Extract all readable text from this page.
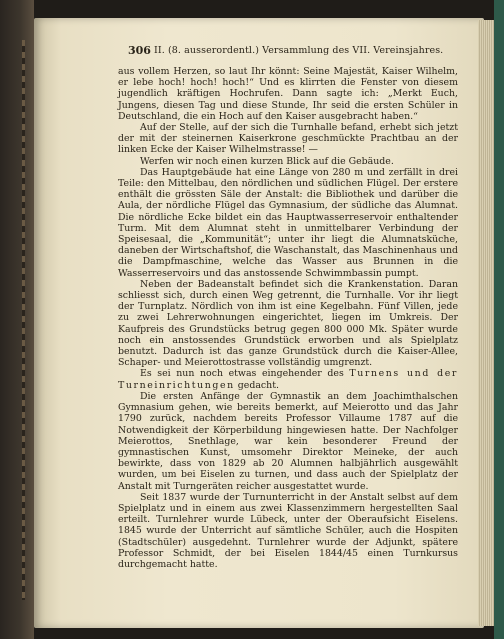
306 II. (8. ausserordentl.) Versammlung des VII. Vereinsjahres.

aus vollem Herzen, so laut Ihr könnt: Seine Majestät, Kaiser Wilhelm, er lebe hoch! hoch! hoch!“ Und es klirrten die Fenster von diesem jugendlich kräftigen Hochrufen. Dann sagte ich: „Merkt Euch, Jungens, diesen Tag und diese Stunde, Ihr seid die ersten Schüler in Deutschland, die ein Hoch auf den Kaiser ausgebracht haben.“

Auf der Stelle, auf der sich die Turnhalle befand, erhebt sich jetzt der mit der steinernen Kaiserkrone geschmückte Prachtbau an der linken Ecke der Kaiser Wilhelmstrasse! —

Werfen wir noch einen kurzen Blick auf die Gebäude.

Das Hauptgebäude hat eine Länge von 280 m und zerfällt in drei Teile: den Mittelbau, den nördlichen und südlichen Flügel. Der erstere enthält die grössten Säle der Anstalt: die Bibliothek und darüber die Aula, der nördliche Flügel das Gymnasium, der südliche das Alumnat. Die nördliche Ecke bildet ein das Hauptwasserreservoir enthaltender Turm. Mit dem Alumnat steht in unmittelbarer Verbindung der Speisesaal, die „Kommunität“; unter ihr liegt die Alumnatsküche, daneben der Wirtschaftshof, die Waschanstalt, das Maschinenhaus und die Dampfmaschine, welche das Wasser aus Brunnen in die Wasserreservoirs und das anstossende Schwimmbassin pumpt.

Neben der Badeanstalt befindet sich die Krankenstation. Daran schliesst sich, durch einen Weg getrennt, die Turnhalle. Vor ihr liegt der Turnplatz. Nördlich von ihm ist eine Kegelbahn. Fünf Villen, jede zu zwei Lehrerwohnungen eingerichtet, liegen im Umkreis. Der Kaufpreis des Grundstücks betrug gegen 800 000 Mk. Später wurde noch ein anstossendes Grundstück erworben und als Spielplatz benutzt. Dadurch ist das ganze Grundstück durch die Kaiser-Allee, Schaper- und Meierottostrasse vollständig umgrenzt.

Es sei nun noch etwas eingehender des Turnens und der Turneinrichtungen gedacht.

Die ersten Anfänge der Gymnastik an dem Joachimthalschen Gymnasium gehen, wie bereits bemerkt, auf Meierotto und das Jahr 1790 zurück, nachdem bereits Professor Villaume 1787 auf die Notwendigkeit der Körperbildung hingewiesen hatte. Der Nachfolger Meierottos, Snethlage, war kein besonderer Freund der gymnastischen Kunst, umsomehr Direktor Meineke, der auch bewirkte, dass von 1829 ab 20 Alumnen halbjährlich ausgewählt wurden, um bei Eiselen zu turnen, und dass auch der Spielplatz der Anstalt mit Turngeräten reicher ausgestattet wurde.

Seit 1837 wurde der Turnunterricht in der Anstalt selbst auf dem Spielplatz und in einem aus zwei Klassenzimmern hergestellten Saal erteilt. Turnlehrer wurde Lübeck, unter der Oberaufsicht Eiselens. 1845 wurde der Unterricht auf sämtliche Schüler, auch die Hospiten (Stadtschüler) ausgedehnt. Turnlehrer wurde der Adjunkt, spätere Professor Schmidt, der bei Eiselen 1844/45 einen Turnkursus durchgemacht hatte.
